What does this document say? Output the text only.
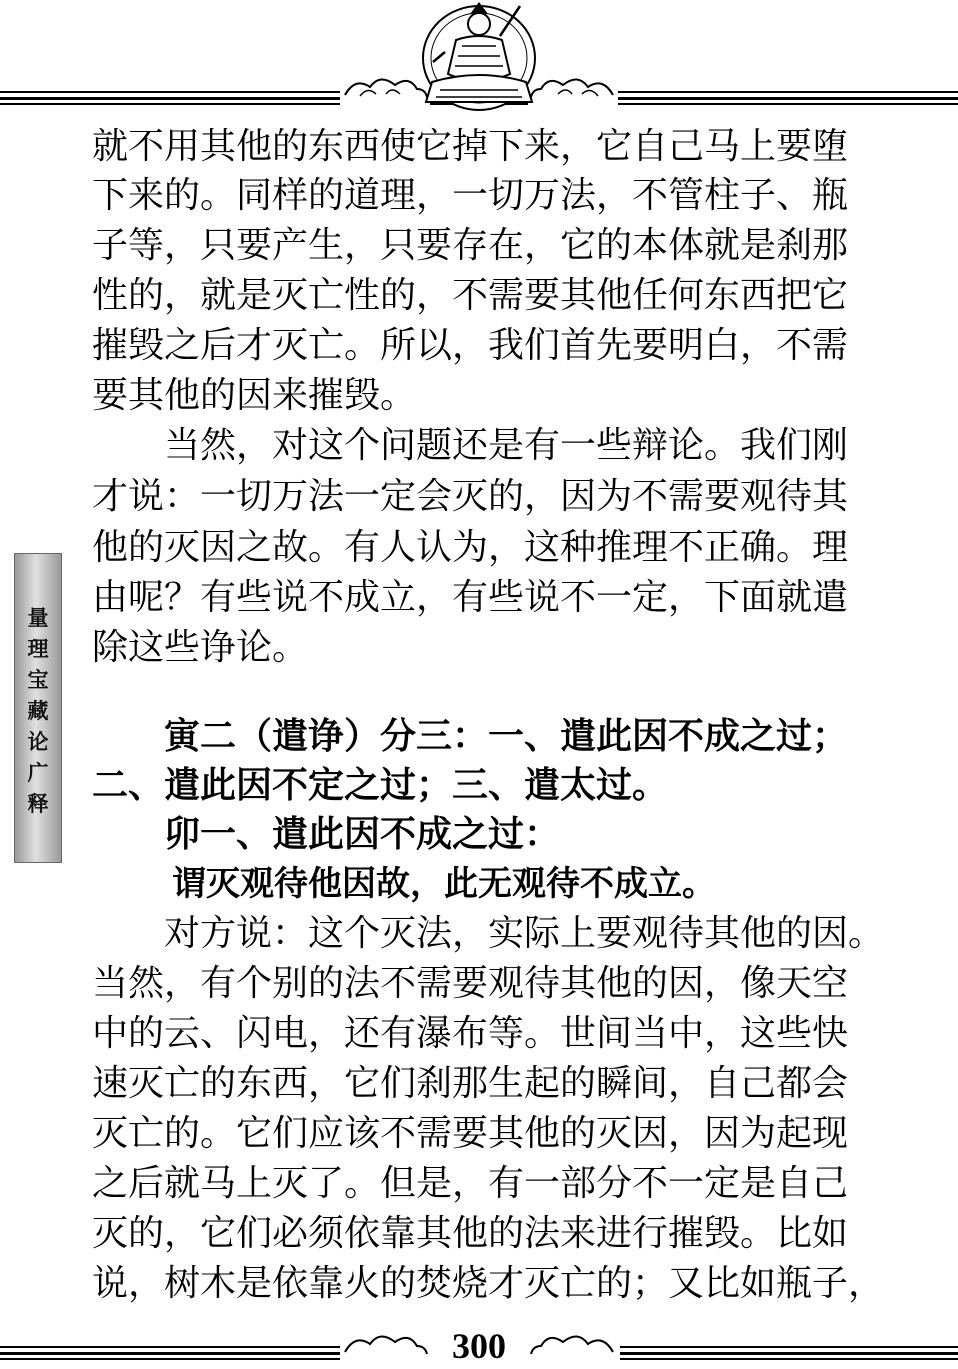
量理宝藏论广释
就不用其他的东西使它掉下来，它自己马上要堕
下来的。同样的道理，一切万法，不管柱子、瓶
子等，只要产生，只要存在，它的本体就是刹那
性的，就是灭亡性的，不需要其他任何东西把它
摧毁之后才灭亡。所以，我们首先要明白，不需
要其他的因来摧毁。
当然，对这个问题还是有一些辩论。我们刚
才说：一切万法一定会灭的，因为不需要观待其
他的灭因之故。有人认为，这种推理不正确。理
由呢？有些说不成立，有些说不一定，下面就遣
除这些诤论。
寅二（遣诤）分三：一、遣此因不成之过；
二、遣此因不定之过；三、遣太过。
卯一、遣此因不成之过：
谓灭观待他因故，此无观待不成立。
对方说：这个灭法，实际上要观待其他的因。
当然，有个别的法不需要观待其他的因，像天空
中的云、闪电，还有瀑布等。世间当中，这些快
速灭亡的东西，它们刹那生起的瞬间，自己都会
灭亡的。它们应该不需要其他的灭因，因为起现
之后就马上灭了。但是，有一部分不一定是自己
灭的，它们必须依靠其他的法来进行摧毁。比如
说，树木是依靠火的焚烧才灭亡的；又比如瓶子，
300
